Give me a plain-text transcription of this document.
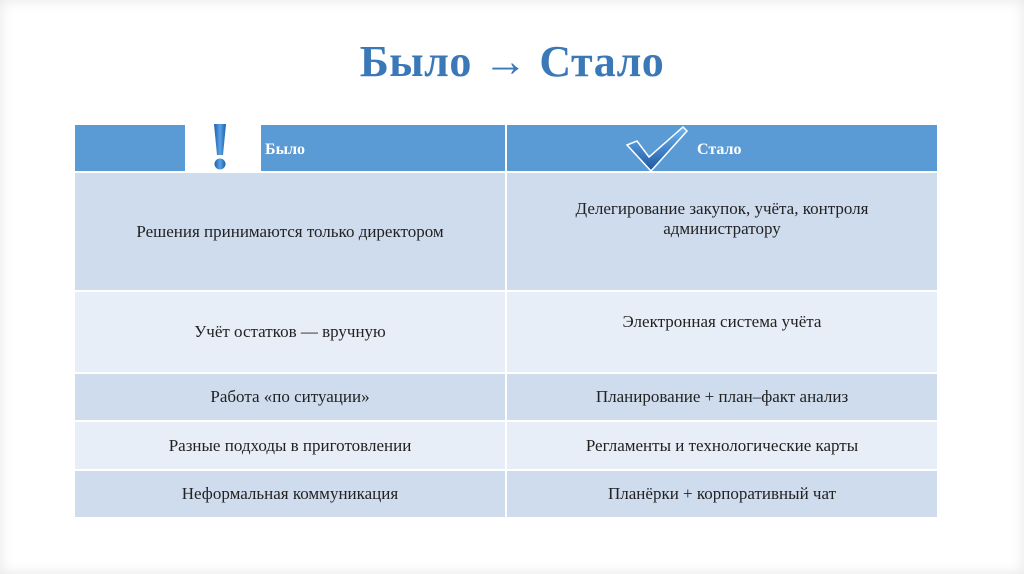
Было → Стало
Было	Стало

Решения принимаются только директором	Делегирование закупок, учёта, контроля администратору
Учёт остатков — вручную	Электронная система учёта
Работа «по ситуации»	Планирование + план–факт анализ
Разные подходы в приготовлении	Регламенты и технологические карты
Неформальная коммуникация	Планёрки + корпоративный чат
